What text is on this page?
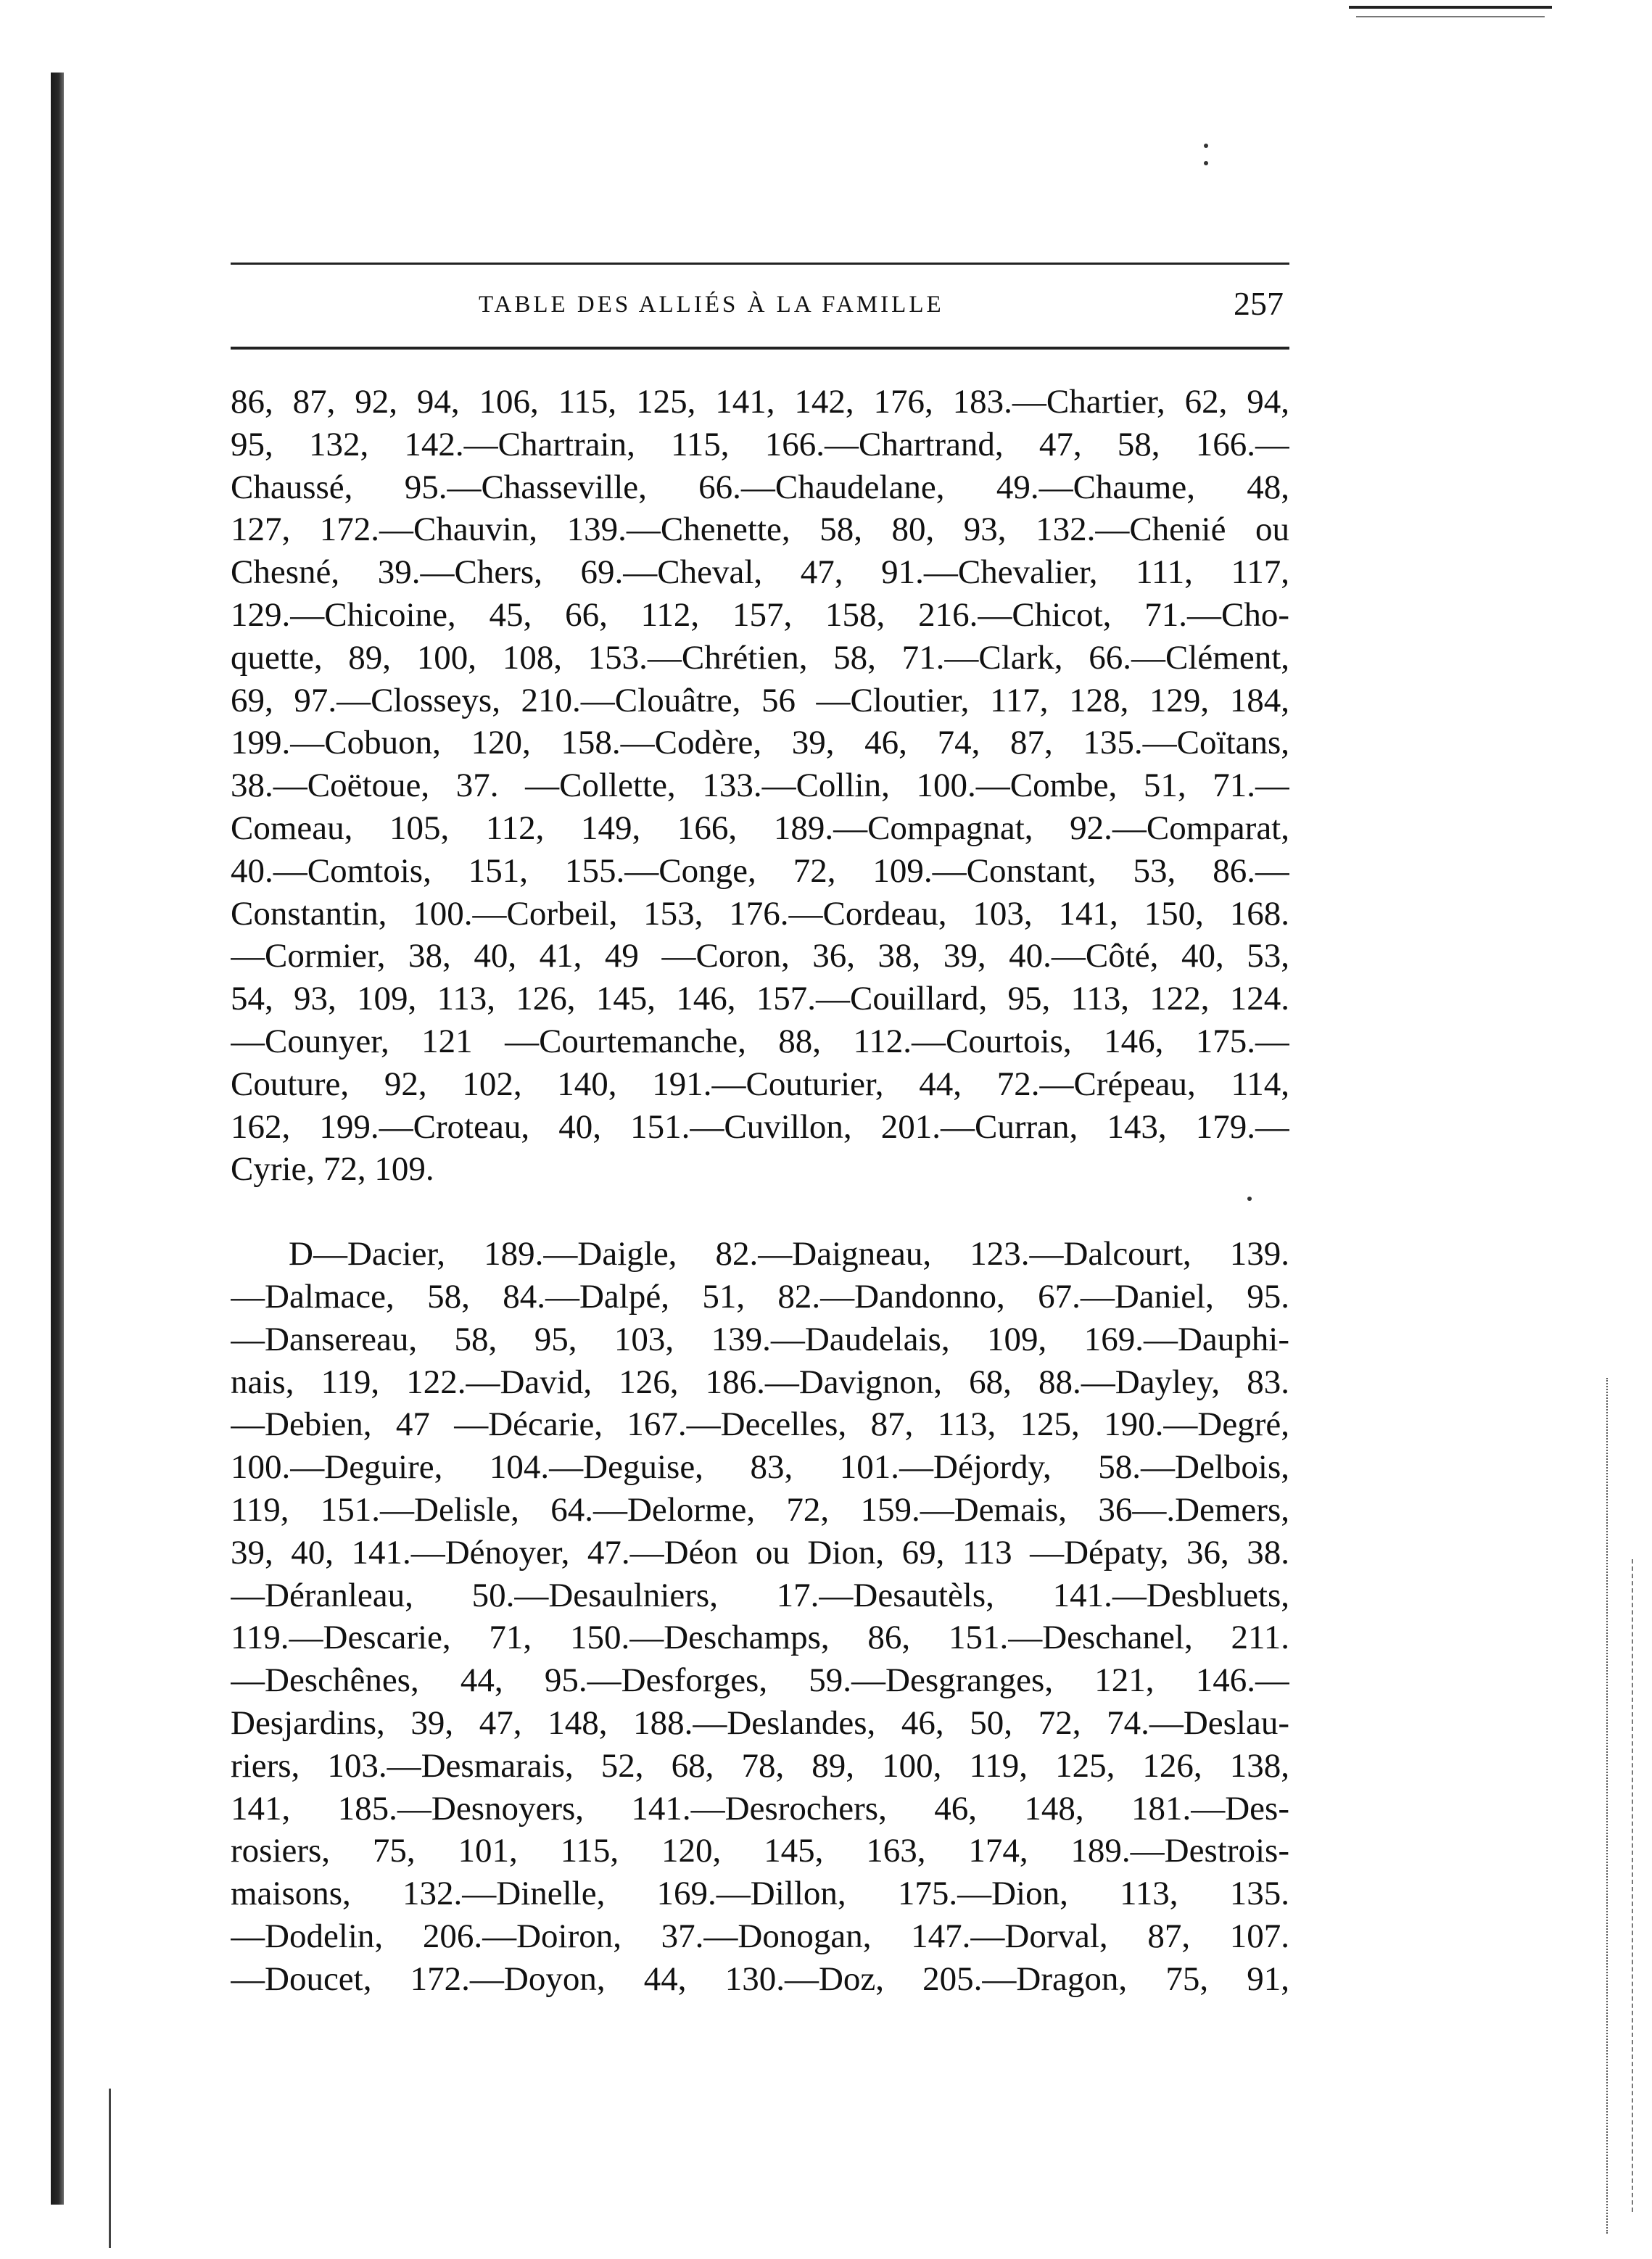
TABLE DES ALLIÉS À LA FAMILLE	257
86, 87, 92, 94, 106, 115, 125, 141, 142, 176, 183.—Chartier, 62, 94,
95, 132, 142.—Chartrain, 115, 166.—Chartrand, 47, 58, 166.—
Chaussé, 95.—Chasseville, 66.—Chaudelane, 49.—Chaume, 48,
127, 172.—Chauvin, 139.—Chenette, 58, 80, 93, 132.—Chenié ou
Chesné, 39.—Chers, 69.—Cheval, 47, 91.—Chevalier, 111, 117,
129.—Chicoine, 45, 66, 112, 157, 158, 216.—Chicot, 71.—Cho-
quette, 89, 100, 108, 153.—Chrétien, 58, 71.—Clark, 66.—Clément,
69, 97.—Closseys, 210.—Clouâtre, 56 —Cloutier, 117, 128, 129, 184,
199.—Cobuon, 120, 158.—Codère, 39, 46, 74, 87, 135.—Coïtans,
38.—Coëtoue, 37. —Collette, 133.—Collin, 100.—Combe, 51, 71.—
Comeau, 105, 112, 149, 166, 189.—Compagnat, 92.—Comparat,
40.—Comtois, 151, 155.—Conge, 72, 109.—Constant, 53, 86.—
Constantin, 100.—Corbeil, 153, 176.—Cordeau, 103, 141, 150, 168.
—Cormier, 38, 40, 41, 49 —Coron, 36, 38, 39, 40.—Côté, 40, 53,
54, 93, 109, 113, 126, 145, 146, 157.—Couillard, 95, 113, 122, 124.
—Counyer, 121 —Courtemanche, 88, 112.—Courtois, 146, 175.—
Couture, 92, 102, 140, 191.—Couturier, 44, 72.—Crépeau, 114,
162, 199.—Croteau, 40, 151.—Cuvillon, 201.—Curran, 143, 179.—
Cyrie, 72, 109.
D—Dacier, 189.—Daigle, 82.—Daigneau, 123.—Dalcourt, 139.
—Dalmace, 58, 84.—Dalpé, 51, 82.—Dandonno, 67.—Daniel, 95.
—Dansereau, 58, 95, 103, 139.—Daudelais, 109, 169.—Dauphi-
nais, 119, 122.—David, 126, 186.—Davignon, 68, 88.—Dayley, 83.
—Debien, 47 —Décarie, 167.—Decelles, 87, 113, 125, 190.—Degré,
100.—Deguire, 104.—Deguise, 83, 101.—Déjordy, 58.—Delbois,
119, 151.—Delisle, 64.—Delorme, 72, 159.—Demais, 36—.Demers,
39, 40, 141.—Dénoyer, 47.—Déon ou Dion, 69, 113 —Dépaty, 36, 38.
—Déranleau, 50.—Desaulniers, 17.—Desautèls, 141.—Desbluets,
119.—Descarie, 71, 150.—Deschamps, 86, 151.—Deschanel, 211.
—Deschênes, 44, 95.—Desforges, 59.—Desgranges, 121, 146.—
Desjardins, 39, 47, 148, 188.—Deslandes, 46, 50, 72, 74.—Deslau-
riers, 103.—Desmarais, 52, 68, 78, 89, 100, 119, 125, 126, 138,
141, 185.—Desnoyers, 141.—Desrochers, 46, 148, 181.—Des-
rosiers, 75, 101, 115, 120, 145, 163, 174, 189.—Destrois-
maisons, 132.—Dinelle, 169.—Dillon, 175.—Dion, 113, 135.
—Dodelin, 206.—Doiron, 37.—Donogan, 147.—Dorval, 87, 107.
—Doucet, 172.—Doyon, 44, 130.—Doz, 205.—Dragon, 75, 91,
